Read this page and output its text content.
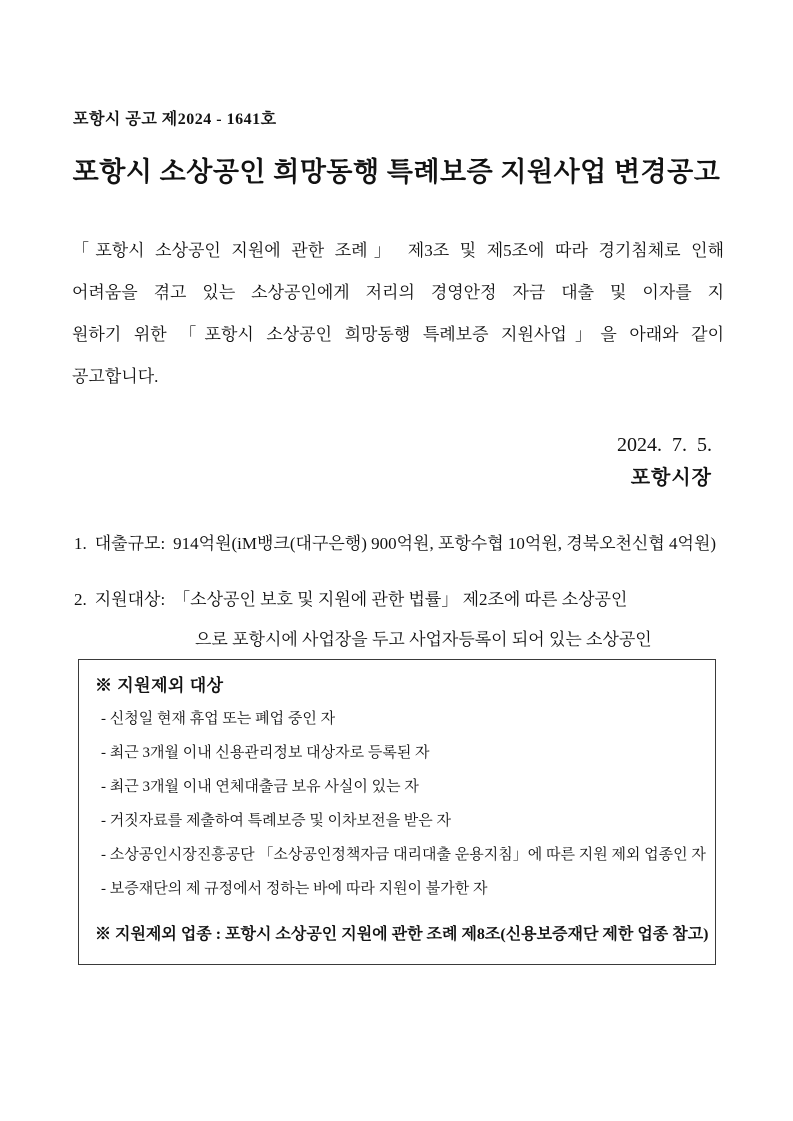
포항시 공고 제2024 - 1641호
포항시 소상공인 희망동행 특례보증 지원사업 변경공고
「포항시 소상공인 지원에 관한 조례」 제3조 및 제5조에 따라 경기침체로 인해
어려움을 겪고 있는 소상공인에게 저리의 경영안정 자금 대출 및 이자를 지
원하기 위한 「포항시 소상공인 희망동행 특례보증 지원사업」을 아래와 같이
공고합니다.
2024.  7.  5.
포항시장
1. 대출규모: 914억원(iM뱅크(대구은행) 900억원, 포항수협 10억원, 경북오천신협 4억원)
2. 지원대상: 「소상공인 보호 및 지원에 관한 법률」 제2조에 따른 소상공인
으로 포항시에 사업장을 두고 사업자등록이 되어 있는 소상공인
※ 지원제외 대상
- 신청일 현재 휴업 또는 폐업 중인 자
- 최근 3개월 이내 신용관리정보 대상자로 등록된 자
- 최근 3개월 이내 연체대출금 보유 사실이 있는 자
- 거짓자료를 제출하여 특례보증 및 이차보전을 받은 자
- 소상공인시장진흥공단 「소상공인정책자금 대리대출 운용지침」에 따른 지원 제외 업종인 자
- 보증재단의 제 규정에서 정하는 바에 따라 지원이 불가한 자
※ 지원제외 업종 : 포항시 소상공인 지원에 관한 조례 제8조(신용보증재단 제한 업종 참고)
